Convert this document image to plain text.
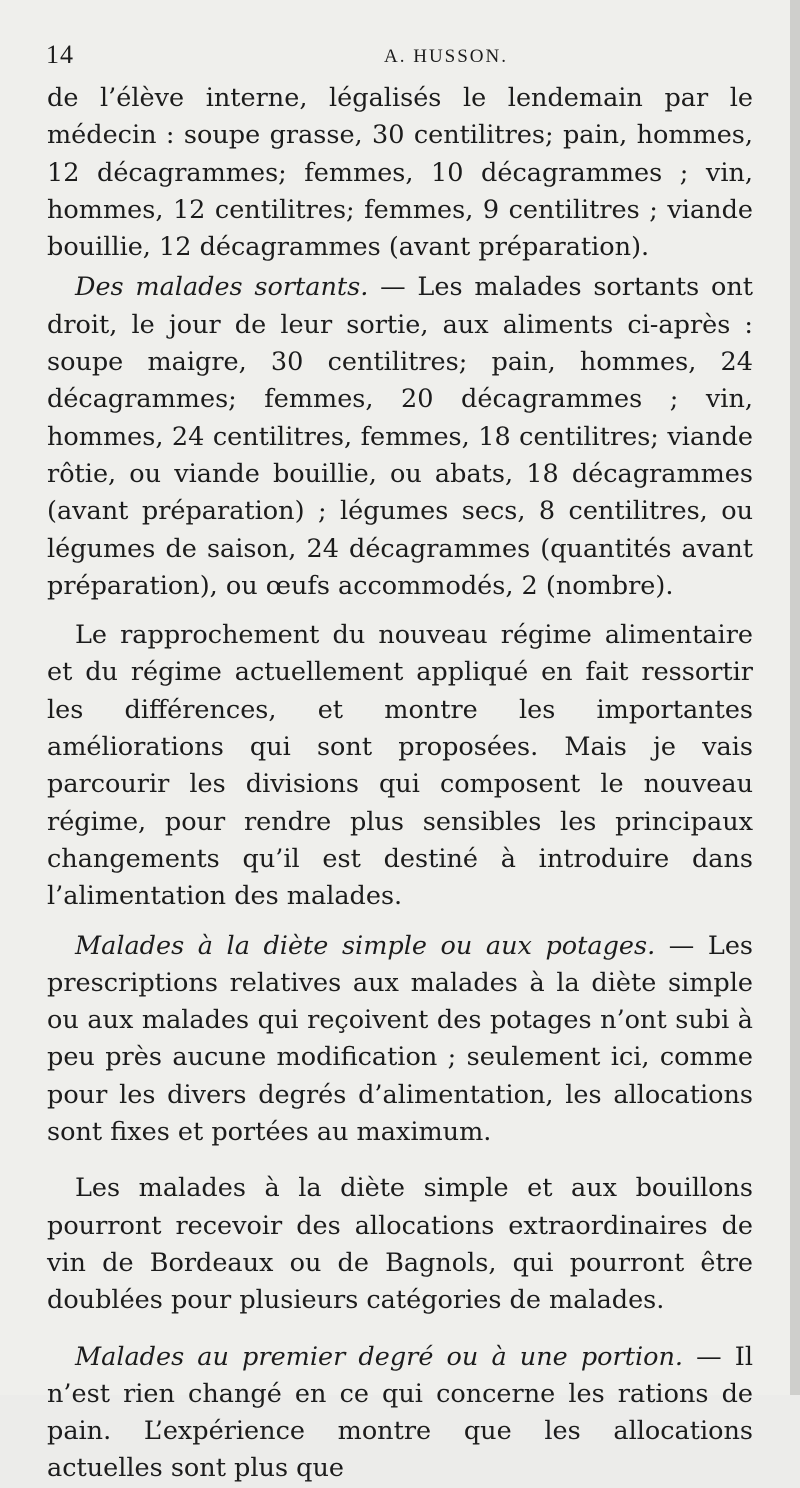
14	A. HUSSON.

de l’élève interne, légalisés le lendemain par le médecin : soupe grasse, 30 centilitres; pain, hommes, 12 décagrammes; femmes, 10 décagrammes ; vin, hommes, 12 centilitres; femmes, 9 centilitres ; viande bouillie, 12 décagrammes (avant préparation).

Des malades sortants. — Les malades sortants ont droit, le jour de leur sortie, aux aliments ci-après : soupe maigre, 30 centilitres; pain, hommes, 24 décagrammes; femmes, 20 décagrammes ; vin, hommes, 24 centilitres, femmes, 18 centilitres; viande rôtie, ou viande bouillie, ou abats, 18 décagrammes (avant préparation) ; légumes secs, 8 centilitres, ou légumes de saison, 24 décagrammes (quantités avant préparation), ou œufs accommodés, 2 (nombre).

Le rapprochement du nouveau régime alimentaire et du régime actuellement appliqué en fait ressortir les différences, et montre les importantes améliorations qui sont proposées. Mais je vais parcourir les divisions qui composent le nouveau régime, pour rendre plus sensibles les principaux changements qu’il est destiné à introduire dans l’alimentation des malades.

Malades à la diète simple ou aux potages. — Les prescriptions relatives aux malades à la diète simple ou aux malades qui reçoivent des potages n’ont subi à peu près aucune modification ; seulement ici, comme pour les divers degrés d’alimentation, les allocations sont fixes et portées au maximum.

Les malades à la diète simple et aux bouillons pourront recevoir des allocations extraordinaires de vin de Bordeaux ou de Bagnols, qui pourront être doublées pour plusieurs catégories de malades.

Malades au premier degré ou à une portion. — Il n’est rien changé en ce qui concerne les rations de pain. L’expérience montre que les allocations actuelles sont plus que
